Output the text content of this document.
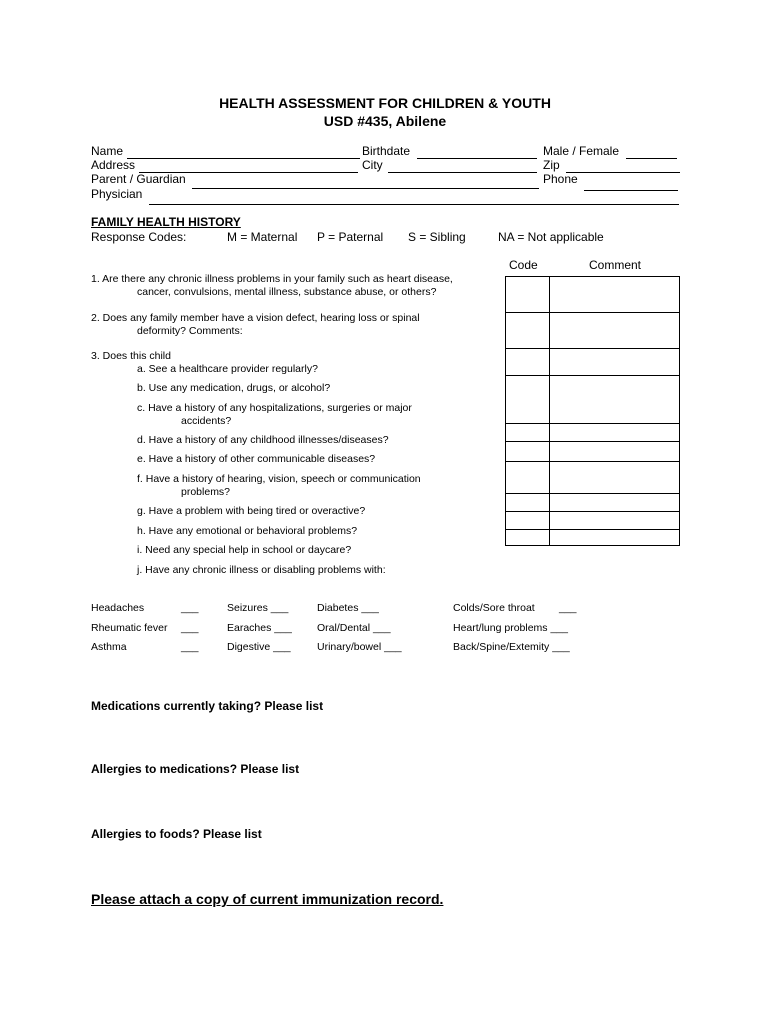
HEALTH ASSESSMENT FOR CHILDREN & YOUTH
USD #435, Abilene
Name	Birthdate	Male / Female
Address	City	Zip
Parent / Guardian	Phone
Physician
FAMILY HEALTH HISTORY
Response Codes:	M = Maternal P = Paternal S = Sibling	NA = Not applicable
Code	Comment
1. Are there any chronic illness problems in your family such as heart disease,
cancer, convulsions, mental illness, substance abuse, or others?
2. Does any family member have a vision defect, hearing loss or spinal
deformity? Comments:
3. Does this child
a. See a healthcare provider regularly?
b. Use any medication, drugs, or alcohol?
c. Have a history of any hospitalizations, surgeries or major
accidents?
d. Have a history of any childhood illnesses/diseases?
e. Have a history of other communicable diseases?
f. Have a history of hearing, vision, speech or communication
problems?
g. Have a problem with being tired or overactive?
h. Have any emotional or behavioral problems?
i. Need any special help in school or daycare?
j. Have any chronic illness or disabling problems with:
Headaches	___	Seizures ___	Diabetes ___	Colds/Sore throat ___
Rheumatic fever ___	Earaches ___ Oral/Dental ___	Heart/lung problems ___
Asthma	___	Digestive ___	Urinary/bowel ___	Back/Spine/Extemity ___
Medications currently taking? Please list
Allergies to medications? Please list
Allergies to foods? Please list
Please attach a copy of current immunization record.
